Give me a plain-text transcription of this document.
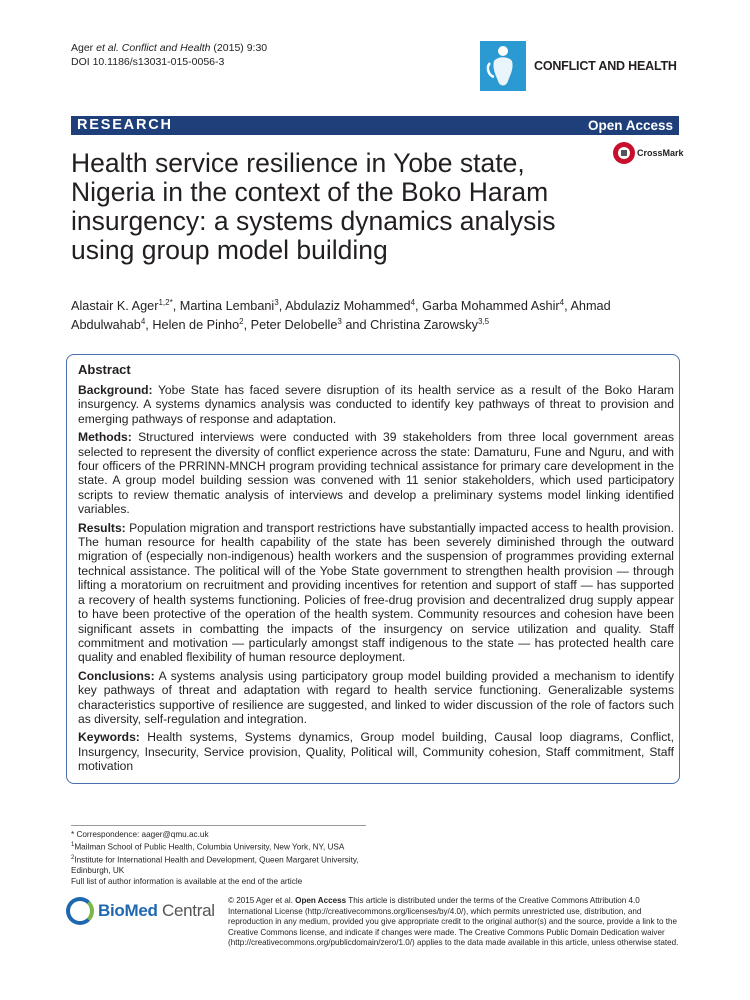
Ager et al. Conflict and Health (2015) 9:30
DOI 10.1186/s13031-015-0056-3	CONFLICT AND HEALTH
RESEARCH	Open Access
Health service resilience in Yobe state, Nigeria in the context of the Boko Haram insurgency: a systems dynamics analysis using group model building
CrossMark
Alastair K. Ager$^{1,2*}$, Martina Lembani$^3$, Abdulaziz Mohammed$^4$, Garba Mohammed Ashir$^4$, Ahmad Abdulwahab$^4$, Helen de Pinho$^2$, Peter Delobelle$^3$ and Christina Zarowsky$^{3,5}$
Abstract
Background: Yobe State has faced severe disruption of its health service as a result of the Boko Haram insurgency. A systems dynamics analysis was conducted to identify key pathways of threat to provision and emerging pathways of response and adaptation.
Methods: Structured interviews were conducted with 39 stakeholders from three local government areas selected to represent the diversity of conflict experience across the state: Damaturu, Fune and Nguru, and with four officers of the PRRINN-MNCH program providing technical assistance for primary care development in the state. A group model building session was convened with 11 senior stakeholders, which used participatory scripts to review thematic analysis of interviews and develop a preliminary systems model linking identified variables.
Results: Population migration and transport restrictions have substantially impacted access to health provision. The human resource for health capability of the state has been severely diminished through the outward migration of (especially non-indigenous) health workers and the suspension of programmes providing external technical assistance. The political will of the Yobe State government to strengthen health provision — through lifting a moratorium on recruitment and providing incentives for retention and support of staff — has supported a recovery of health systems functioning. Policies of free-drug provision and decentralized drug supply appear to have been protective of the operation of the health system. Community resources and cohesion have been significant assets in combatting the impacts of the insurgency on service utilization and quality. Staff commitment and motivation — particularly amongst staff indigenous to the state — has protected health care quality and enabled flexibility of human resource deployment.
Conclusions: A systems analysis using participatory group model building provided a mechanism to identify key pathways of threat and adaptation with regard to health service functioning. Generalizable systems characteristics supportive of resilience are suggested, and linked to wider discussion of the role of factors such as diversity, self-regulation and integration.
Keywords: Health systems, Systems dynamics, Group model building, Causal loop diagrams, Conflict, Insurgency, Insecurity, Service provision, Quality, Political will, Community cohesion, Staff commitment, Staff motivation
* Correspondence: aager@qmu.ac.uk
$^1$Mailman School of Public Health, Columbia University, New York, NY, USA
$^2$Institute for International Health and Development, Queen Margaret University, Edinburgh, UK
Full list of author information is available at the end of the article
BioMed Central
© 2015 Ager et al. Open Access This article is distributed under the terms of the Creative Commons Attribution 4.0 International License (http://creativecommons.org/licenses/by/4.0/), which permits unrestricted use, distribution, and reproduction in any medium, provided you give appropriate credit to the original author(s) and the source, provide a link to the Creative Commons license, and indicate if changes were made. The Creative Commons Public Domain Dedication waiver (http://creativecommons.org/publicdomain/zero/1.0/) applies to the data made available in this article, unless otherwise stated.
